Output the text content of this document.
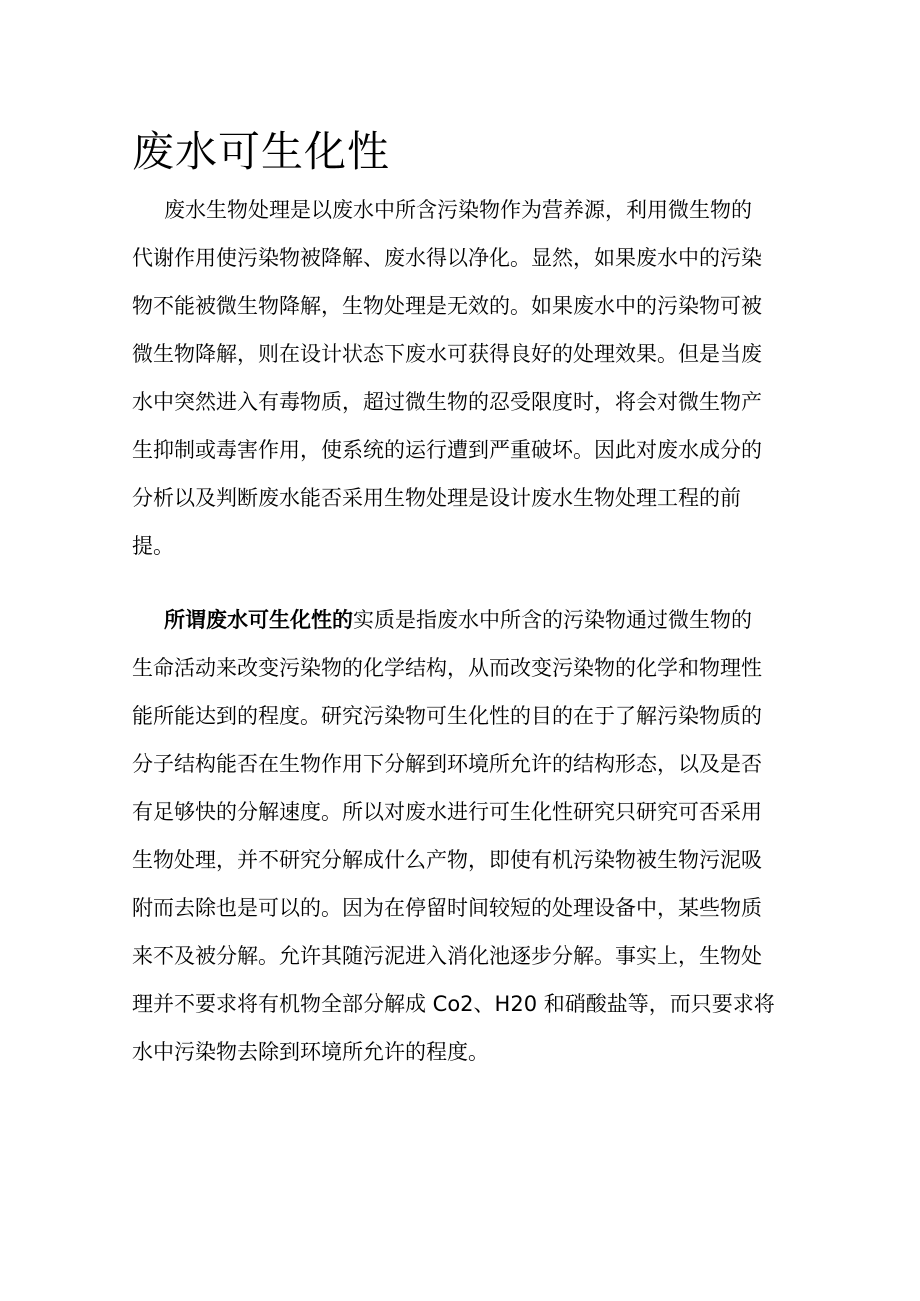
废水可生化性
废水生物处理是以废水中所含污染物作为营养源，利用微生物的
代谢作用使污染物被降解、废水得以净化。显然，如果废水中的污染
物不能被微生物降解，生物处理是无效的。如果废水中的污染物可被
微生物降解，则在设计状态下废水可获得良好的处理效果。但是当废
水中突然进入有毒物质，超过微生物的忍受限度时，将会对微生物产
生抑制或毒害作用，使系统的运行遭到严重破坏。因此对废水成分的
分析以及判断废水能否采用生物处理是设计废水生物处理工程的前
提。
所谓废水可生化性的实质是指废水中所含的污染物通过微生物的
生命活动来改变污染物的化学结构，从而改变污染物的化学和物理性
能所能达到的程度。研究污染物可生化性的目的在于了解污染物质的
分子结构能否在生物作用下分解到环境所允许的结构形态，以及是否
有足够快的分解速度。所以对废水进行可生化性研究只研究可否采用
生物处理，并不研究分解成什么产物，即使有机污染物被生物污泥吸
附而去除也是可以的。因为在停留时间较短的处理设备中，某些物质
来不及被分解。允许其随污泥进入消化池逐步分解。事实上，生物处
理并不要求将有机物全部分解成 Co2、H20 和硝酸盐等，而只要求将
水中污染物去除到环境所允许的程度。
